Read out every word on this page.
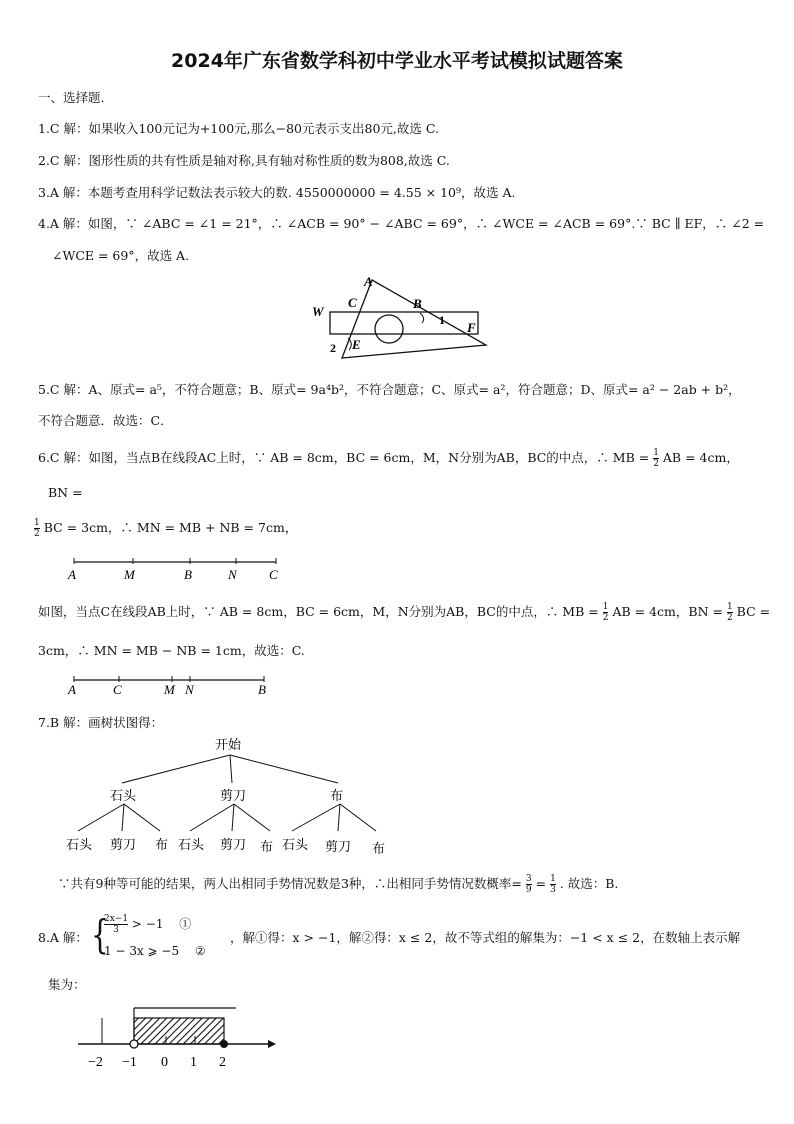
2024年广东省数学科初中学业水平考试模拟试题答案
一、选择题.
1.C 解：如果收入100元记为+100元,那么−80元表示支出80元,故选 C.
2.C 解：图形性质的共有性质是轴对称,具有轴对称性质的数为808,故选 C.
3.A 解：本题考查用科学记数法表示较大的数. 4550000000 = 4.55 × 10⁹，故选 A.
4.A 解：如图，∵ ∠ABC = ∠1 = 21°，∴ ∠ACB = 90° − ∠ABC = 69°，∴ ∠WCE = ∠ACB = 69°.∵ BC ∥ EF，∴ ∠2 =
∠WCE = 69°，故选 A.
A
B
C
W
E
F
1
2
5.C 解：A、原式= a⁵，不符合题意；B、原式= 9a⁴b²，不符合题意；C、原式= a²，符合题意；D、原式= a² − 2ab + b²，
不符合题意．故选：C．
6.C 解：如图，当点B在线段AC上时，∵ AB = 8cm，BC = 6cm，M，N分别为AB，BC的中点，∴ MB = $\frac{1}{2}$ AB = 4cm，
BN =
$\frac{1}{2}$ BC = 3cm，∴ MN = MB + NB = 7cm，
A	M	B	N C
如图，当点C在线段AB上时，∵ AB = 8cm，BC = 6cm，M，N分别为AB，BC的中点，∴ MB = $\frac{1}{2}$ AB = 4cm，BN = $\frac{1}{2}$ BC =
3cm，∴ MN = MB − NB = 1cm，故选：C.
A	C	M N	B
7.B 解：画树状图得：
开始
石头	剪刀	布
石头 剪刀 布 石头 剪刀 布 石头 剪刀 布
∵共有9种等可能的结果，两人出相同手势情况数是3种，∴出相同手势情况数概率= $\frac{3}{9} = \frac{1}{3}$ . 故选：B.
8.A 解： {
$\frac{2x-1}{3} > -1$　 ①
1 − 3x ⩾ −5 　②
，解①得：x > −1，解②得：x ≤ 2，故不等式组的解集为：−1 < x ≤ 2，在数轴上表示解
集为：
−2 −1 0 1 2
